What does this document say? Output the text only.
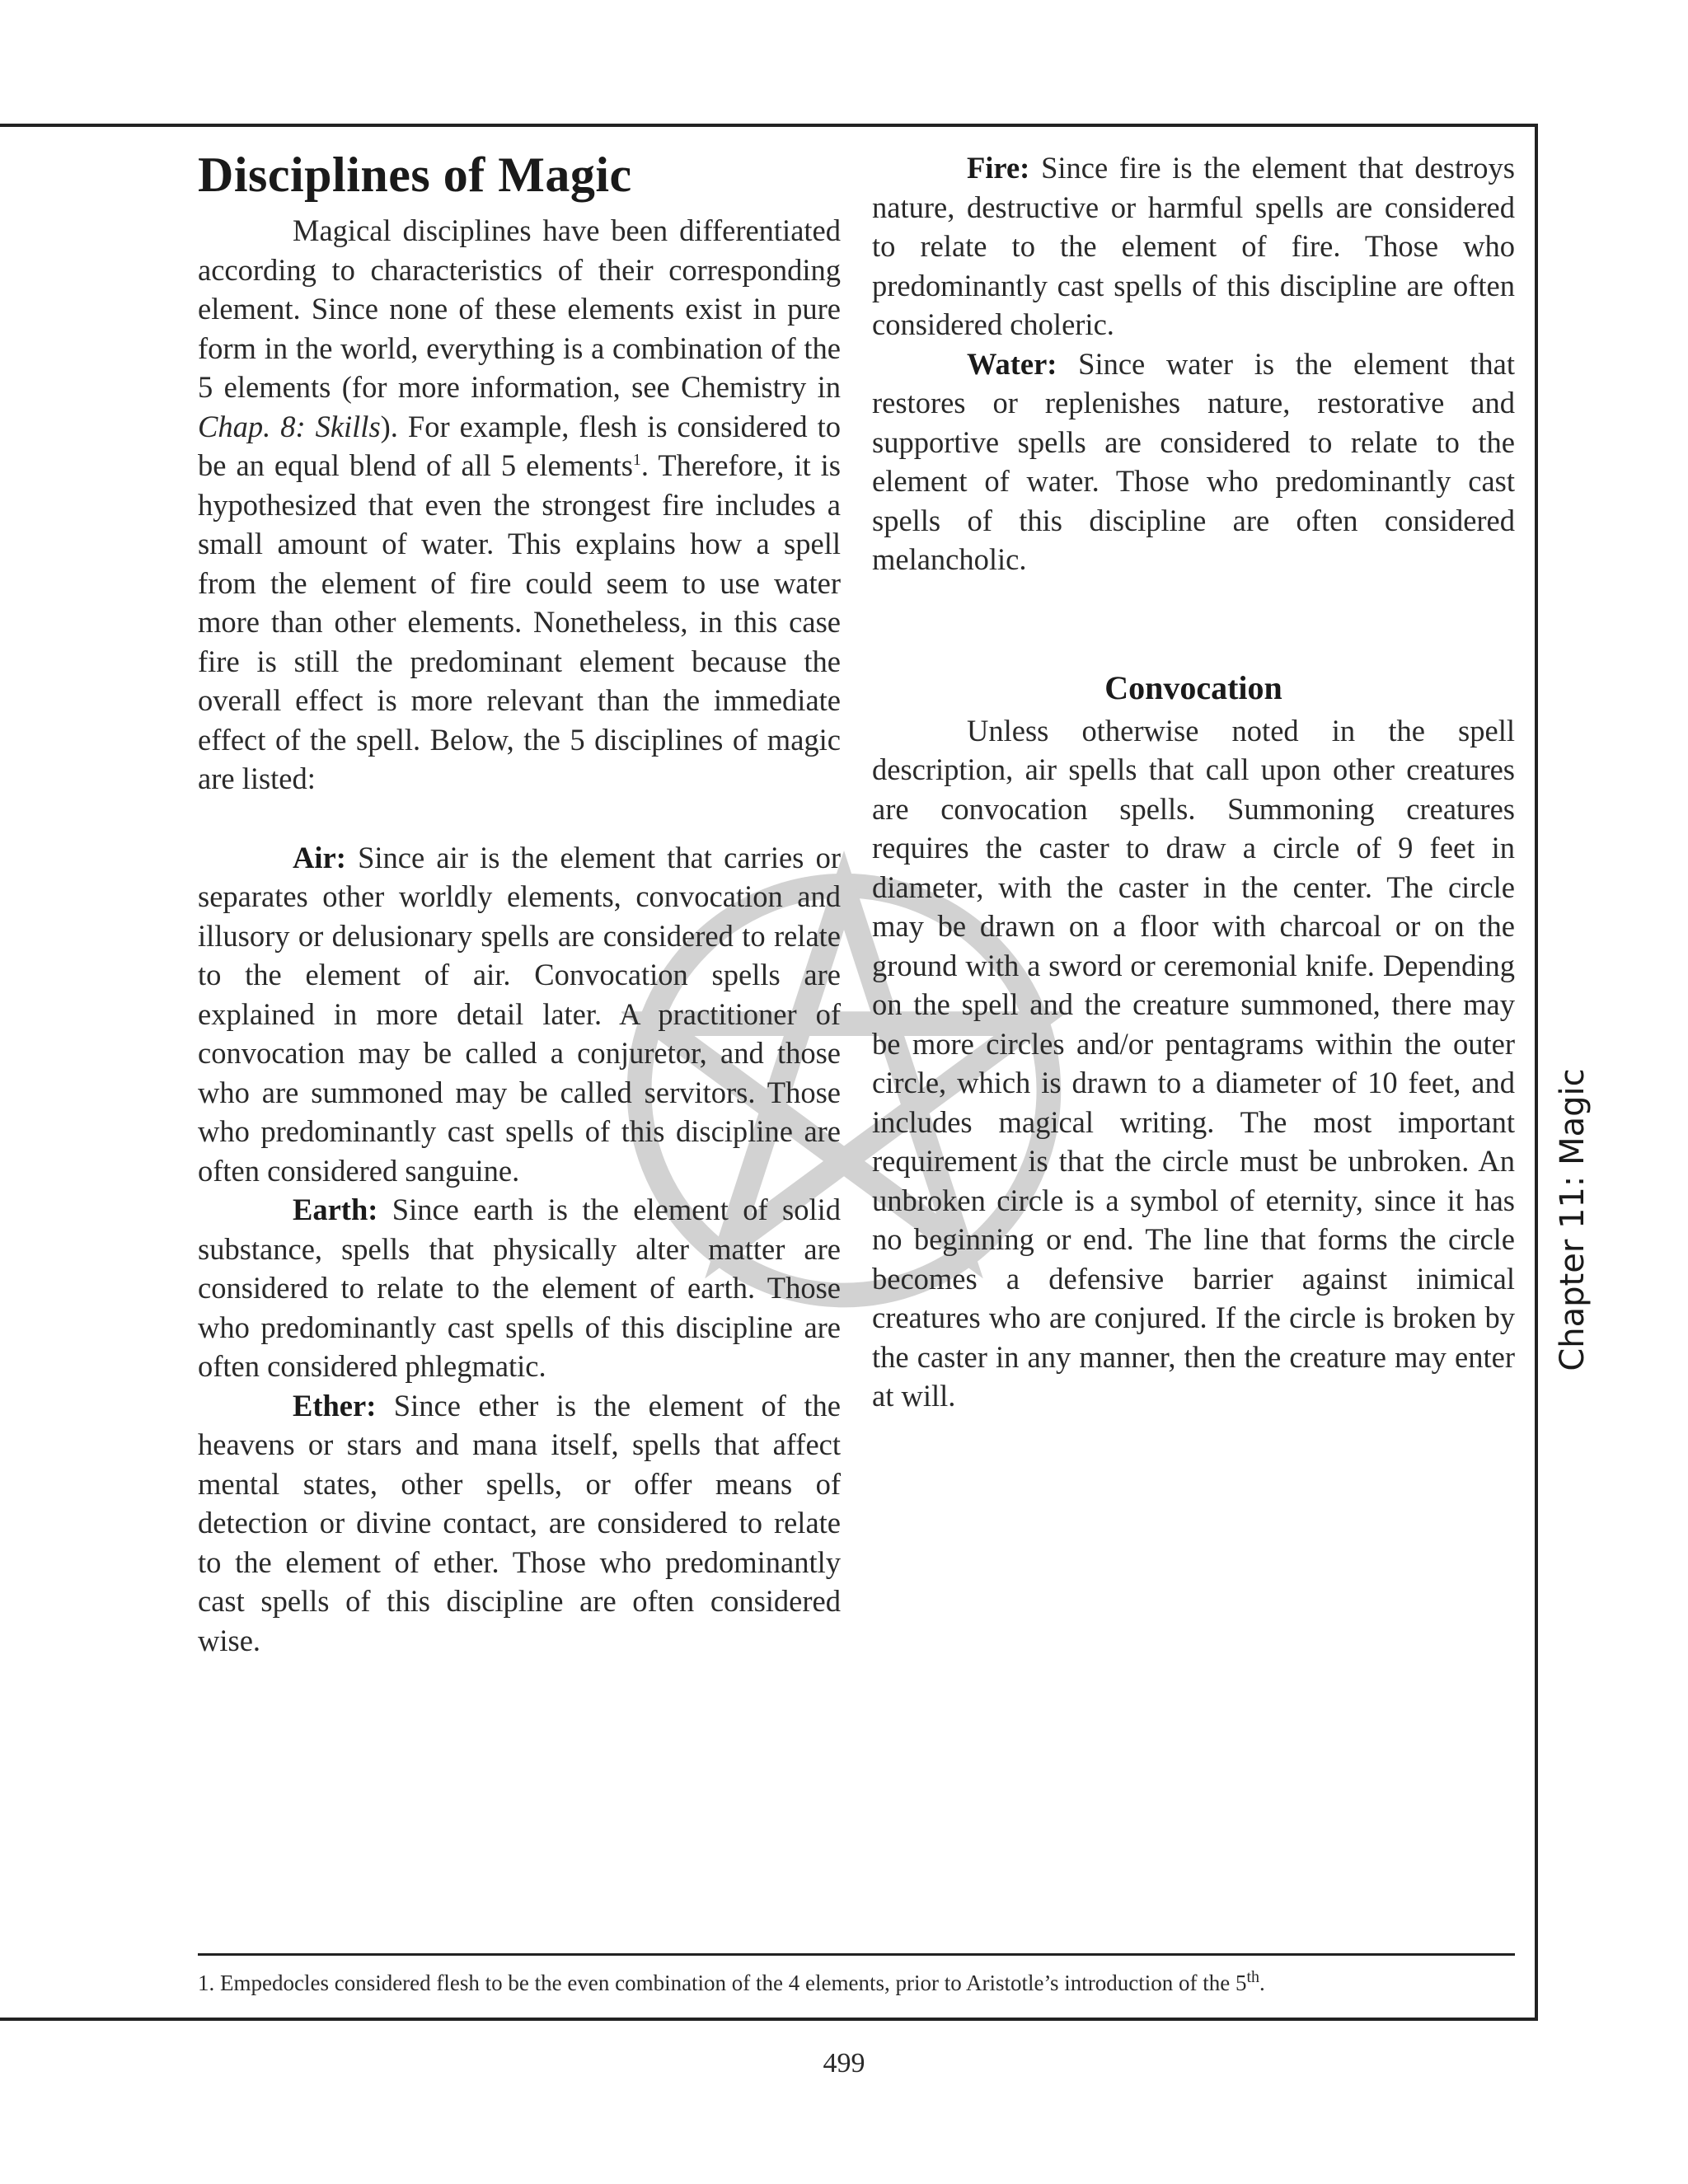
Disciplines of Magic

Magical disciplines have been differentiated according to characteristics of their corresponding element. Since none of these elements exist in pure form in the world, everything is a combination of the 5 elements (for more information, see Chemistry in Chap. 8: Skills). For example, flesh is considered to be an equal blend of all 5 elements$^1$. Therefore, it is hypothesized that even the strongest fire includes a small amount of water. This explains how a spell from the element of fire could seem to use water more than other elements. Nonetheless, in this case fire is still the predominant element because the overall effect is more relevant than the immediate effect of the spell. Below, the 5 disciplines of magic are listed:

Air: Since air is the element that carries or separates other worldly elements, convocation and illusory or delusionary spells are considered to relate to the element of air. Convocation spells are explained in more detail later. A practitioner of convocation may be called a conjuretor, and those who are summoned may be called servitors. Those who predominantly cast spells of this discipline are often considered sanguine.

Earth: Since earth is the element of solid substance, spells that physically alter matter are considered to relate to the element of earth. Those who predominantly cast spells of this discipline are often considered phlegmatic.

Ether: Since ether is the element of the heavens or stars and mana itself, spells that affect mental states, other spells, or offer means of detection or divine contact, are considered to relate to the element of ether. Those who predominantly cast spells of this discipline are often considered wise.

Fire: Since fire is the element that destroys nature, destructive or harmful spells are considered to relate to the element of fire. Those who predominantly cast spells of this discipline are often considered choleric.

Water: Since water is the element that restores or replenishes nature, restorative and supportive spells are considered to relate to the element of water. Those who predominantly cast spells of this discipline are often considered melancholic.

Convocation

Unless otherwise noted in the spell description, air spells that call upon other creatures are convocation spells. Summoning creatures requires the caster to draw a circle of 9 feet in diameter, with the caster in the center. The circle may be drawn on a floor with charcoal or on the ground with a sword or ceremonial knife. Depending on the spell and the creature summoned, there may be more circles and/or pentagrams within the outer circle, which is drawn to a diameter of 10 feet, and includes magical writing. The most important requirement is that the circle must be unbroken. An unbroken circle is a symbol of eternity, since it has no beginning or end. The line that forms the circle becomes a defensive barrier against inimical creatures who are conjured. If the circle is broken by the caster in any manner, then the creature may enter at will.

Chapter 11: Magic
1. Empedocles considered flesh to be the even combination of the 4 elements, prior to Aristotle’s introduction of the 5th.
499
